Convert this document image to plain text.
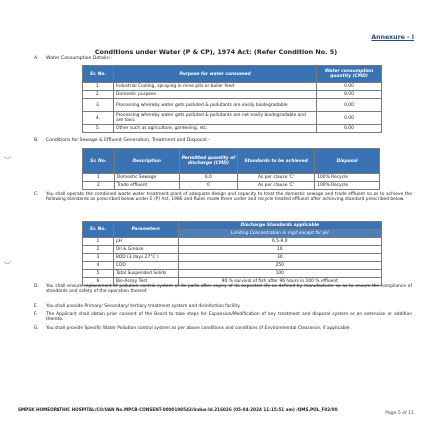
Annexure - I
Conditions under Water (P & CP), 1974 Act: (Refer Condition No. 5)
A. Water Consumption Details:-
Sr. No.	Purpose for water consumed	Water consumption quantity (CMD)
1.	Industrial Cooling, spraying in mine pits or boiler feed	0.00
2.	Domestic purpose	8.00
3.	Processing whereby water gets polluted & pollutants are easily biodegradable	0.00
4.	Processing whereby water gets polluted & pollutants are not easily biodegradable and are toxic	0.00
5.	Other such as agriculture, gardening, etc.	0.00
B. Conditions for Sewage & Effluent Generation, Treatment and Disposal:-
◡
Sr. No.	Description	Permitted quantity of discharge (CMD)	Standards to be achieved	Disposal
1	Domestic Sewage	6.0	As per clause 'C'	100% Recycle
2	Trade effluent	0	As per clause 'C'	100% Recycle
C. You shall operate the combined waste water treatment plant of adequate design and capacity to treat the domestic sewage and trade effluent so as to achieve the following standards as prescribed below under E (P) Act, 1986 and Rules made there under and recycle treated effluent after achieving standard prescribed below.
Sr. No.	Parameters	Discharge Standards applicable
		Limiting Concentration in mg/l except for pH
1	pH	6.5-9.0
2	Oil & Grease	10
3	BOD (3 days 27°C )	30
4	COD	250
5	Total Suspended Solids	100
6	Bio-Assay Test	90 % survival of fish after 96 hours in 100 % effluent
◡
D. You shall ensure replacement of pollution control system or its parts after expiry of its expected life as defined by manufacturer so as to ensure the compliance of standards and safety of the operation thereof.
E. You shall provide Primary/ Secondary/ tertiary treatment system and disinfection facility.
F. The Applicant shall obtain prior consent of the Board to take steps for Expansion/Modification of any treatment and disposal system or an extension or addition thereto.
G. You shall provide Specific Water Pollution control system as per above conditions and conditions of Environmental Clearance, if applicable.
SMPSK HOMEOPATHIC HOSPITAL/CO/UAN No.MPCB-CONSENT-0000198543/Indus-Id.216026 (05-04-2024 11:15:51 am) /QMS.POL_F02/00
Page 5 of 11
